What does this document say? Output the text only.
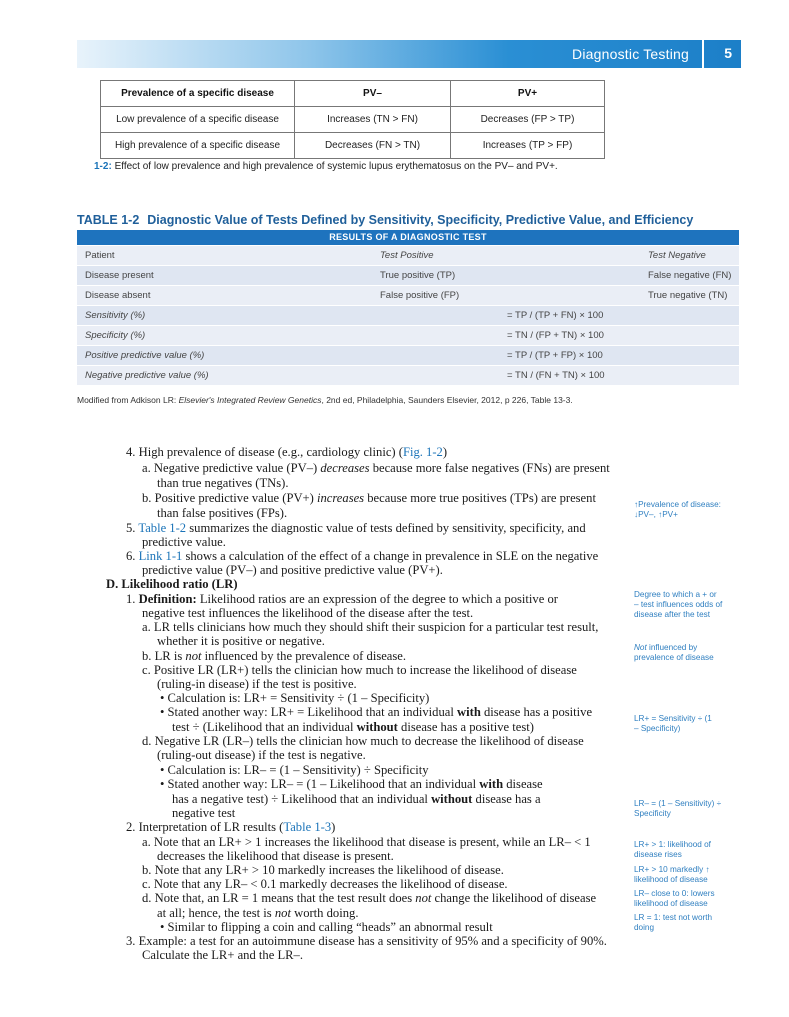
Diagnostic Testing	5
Prevalence of a specific disease	PV–	PV+
Low prevalence of a specific disease	Increases (TN > FN)	Decreases (FP > TP)
High prevalence of a specific disease	Decreases (FN > TN)	Increases (TP > FP)
1-2: Effect of low prevalence and high prevalence of systemic lupus erythematosus on the PV– and PV+.
TABLE 1-2 Diagnostic Value of Tests Defined by Sensitivity, Specificity, Predictive Value, and Efficiency
RESULTS OF A DIAGNOSTIC TEST
Patient	Test Positive	Test Negative
Disease present	True positive (TP)	False negative (FN)
Disease absent	False positive (FP)	True negative (TN)
Sensitivity (%)	= TP / (TP + FN) × 100
Specificity (%)	= TN / (FP + TN) × 100
Positive predictive value (%)	= TP / (TP + FP) × 100
Negative predictive value (%)	= TN / (FN + TN) × 100
Modified from Adkison LR: Elsevier's Integrated Review Genetics, 2nd ed, Philadelphia, Saunders Elsevier, 2012, p 226, Table 13-3.
4. High prevalence of disease (e.g., cardiology clinic) (Fig. 1-2)
a. Negative predictive value (PV–) decreases because more false negatives (FNs) are present
than true negatives (TNs).
b. Positive predictive value (PV+) increases because more true positives (TPs) are present
than false positives (FPs).
5. Table 1-2 summarizes the diagnostic value of tests defined by sensitivity, specificity, and
predictive value.
6. Link 1-1 shows a calculation of the effect of a change in prevalence in SLE on the negative
predictive value (PV–) and positive predictive value (PV+).
D. Likelihood ratio (LR)
1. Definition: Likelihood ratios are an expression of the degree to which a positive or
negative test influences the likelihood of the disease after the test.
a. LR tells clinicians how much they should shift their suspicion for a particular test result,
whether it is positive or negative.
b. LR is not influenced by the prevalence of disease.
c. Positive LR (LR+) tells the clinician how much to increase the likelihood of disease
(ruling-in disease) if the test is positive.
• Calculation is: LR+ = Sensitivity ÷ (1 – Specificity)
• Stated another way: LR+ = Likelihood that an individual with disease has a positive
test ÷ (Likelihood that an individual without disease has a positive test)
d. Negative LR (LR–) tells the clinician how much to decrease the likelihood of disease
(ruling-out disease) if the test is negative.
• Calculation is: LR– = (1 – Sensitivity) ÷ Specificity
• Stated another way: LR– = (1 – Likelihood that an individual with disease
has a negative test) ÷ Likelihood that an individual without disease has a
negative test
2. Interpretation of LR results (Table 1-3)
a. Note that an LR+ > 1 increases the likelihood that disease is present, while an LR– < 1
decreases the likelihood that disease is present.
b. Note that any LR+ > 10 markedly increases the likelihood of disease.
c. Note that any LR– < 0.1 markedly decreases the likelihood of disease.
d. Note that, an LR = 1 means that the test result does not change the likelihood of disease
at all; hence, the test is not worth doing.
• Similar to flipping a coin and calling “heads” an abnormal result
3. Example: a test for an autoimmune disease has a sensitivity of 95% and a specificity of 90%.
Calculate the LR+ and the LR–.
↑Prevalence of disease:
↓PV–, ↑PV+
Degree to which a + or
– test influences odds of
disease after the test
Not influenced by
prevalence of disease
LR+ = Sensitivity ÷ (1
– Specificity)
LR– = (1 – Sensitivity) ÷
Specificity
LR+ > 1: likelihood of
disease rises
LR+ > 10 markedly ↑
likelihood of disease
LR– close to 0: lowers
likelihood of disease
LR = 1: test not worth
doing
